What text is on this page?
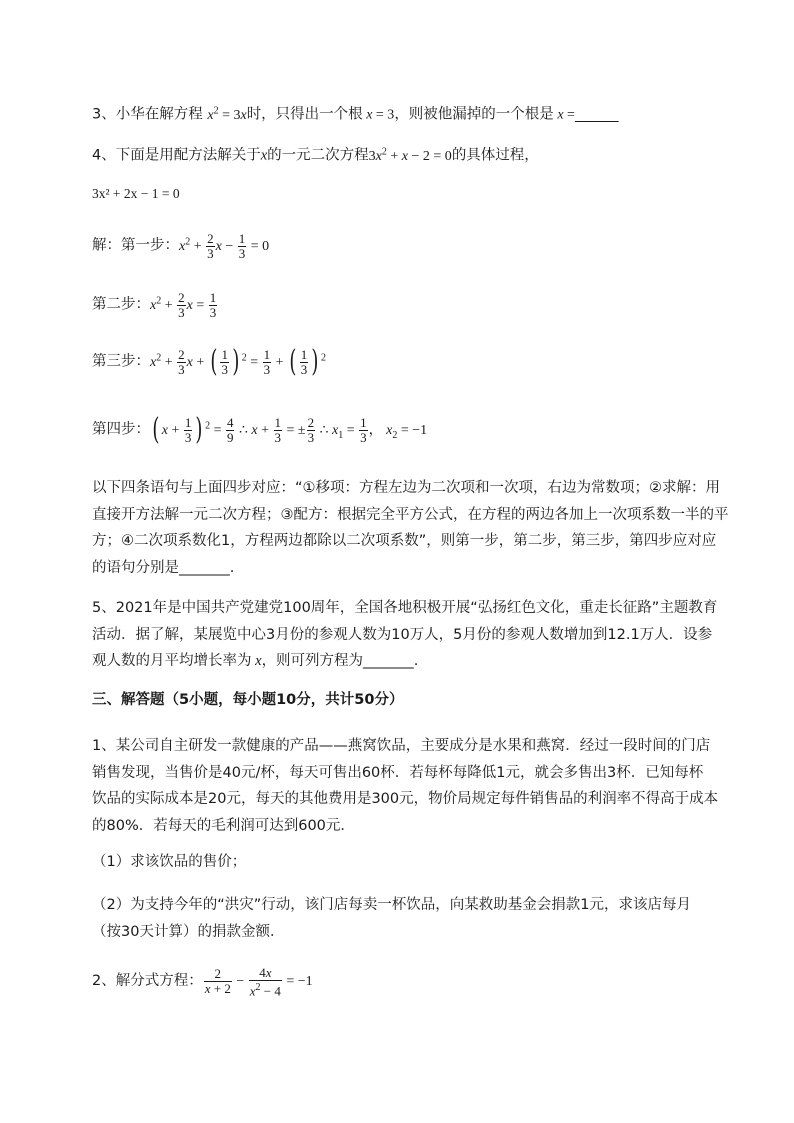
3、小华在解方程 $x^2 = 3x$时，只得出一个根 x = 3，则被他漏掉的一个根是 x =______
4、下面是用配方法解关于x的一元二次方程$3x^2 + x - 2 = 0$的具体过程，
3x² + 2x − 1 = 0
解：第一步：$x^2 + \frac{2}{3}$ $x - \frac{1}{3} = 0$
第二步：$x^2 + \frac{2}{3}$ $x = \frac{1}{3}$
第三步：$x^2 + \frac{2}{3}$ x + ( $\frac{1}{3}$ ) $^2 = \frac{1}{3}$ + ( $\frac{1}{3}$ ) $^2$
第四步：( $x + \frac{1}{3}$ ) $^2 = \frac{4}{9}$ ∴ $x + \frac{1}{3}$ = ± $\frac{2}{3}$ ∴ $x_1 = \frac{1}{3}$ ， $x_2 = -1$
以下四条语句与上面四步对应：“①移项：方程左边为二次项和一次项，右边为常数项；②求解：用
直接开方法解一元二次方程；③配方：根据完全平方公式，在方程的两边各加上一次项系数一半的平
方；④二次项系数化1，方程两边都除以二次项系数”，则第一步，第二步，第三步，第四步应对应
的语句分别是_______.
5、2021年是中国共产党建党100周年，全国各地积极开展“弘扬红色文化，重走长征路”主题教育
活动．据了解，某展览中心3月份的参观人数为10万人，5月份的参观人数增加到12.1万人．设参
观人数的月平均增长率为 x，则可列方程为_______.
三、解答题（5小题，每小题10分，共计50分）
1、某公司自主研发一款健康的产品——燕窝饮品，主要成分是水果和燕窝．经过一段时间的门店
销售发现，当售价是40元/杯，每天可售出60杯．若每杯每降低1元，就会多售出3杯．已知每杯
饮品的实际成本是20元，每天的其他费用是300元，物价局规定每件销售品的利润率不得高于成本
的80%．若每天的毛利润可达到600元．
（1）求该饮品的售价；
（2）为支持今年的“洪灾”行动，该门店每卖一杯饮品，向某救助基金会捐款1元，求该店每月
（按30天计算）的捐款金额．
2、解分式方程： $\frac{2}{x + 2} - \frac{4x}{x^2 - 4} = -1$
